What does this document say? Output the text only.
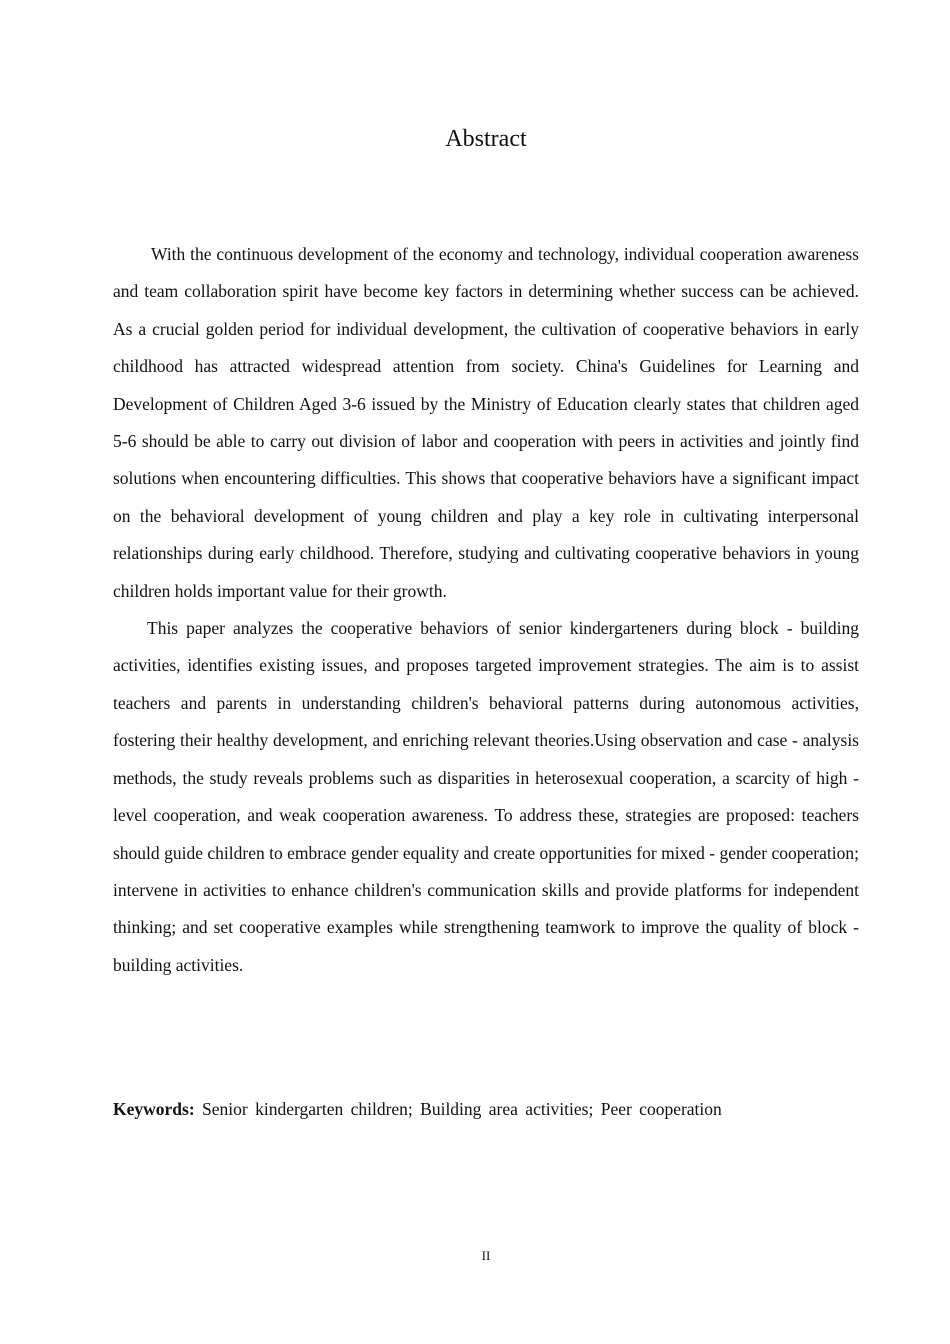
Abstract

With the continuous development of the economy and technology, individual cooperation awareness and team collaboration spirit have become key factors in determining whether success can be achieved. As a crucial golden period for individual development, the cultivation of cooperative behaviors in early childhood has attracted widespread attention from society. China's Guidelines for Learning and Development of Children Aged 3-6 issued by the Ministry of Education clearly states that children aged 5-6 should be able to carry out division of labor and cooperation with peers in activities and jointly find solutions when encountering difficulties. This shows that cooperative behaviors have a significant impact on the behavioral development of young children and play a key role in cultivating interpersonal relationships during early childhood. Therefore, studying and cultivating cooperative behaviors in young children holds important value for their growth.

This paper analyzes the cooperative behaviors of senior kindergarteners during block - building activities, identifies existing issues, and proposes targeted improvement strategies. The aim is to assist teachers and parents in understanding children's behavioral patterns during autonomous activities, fostering their healthy development, and enriching relevant theories.Using observation and case - analysis methods, the study reveals problems such as disparities in heterosexual cooperation, a scarcity of high - level cooperation, and weak cooperation awareness. To address these, strategies are proposed: teachers should guide children to embrace gender equality and create opportunities for mixed - gender cooperation; intervene in activities to enhance children's communication skills and provide platforms for independent thinking; and set cooperative examples while strengthening teamwork to improve the quality of block - building activities.

Keywords: Senior kindergarten children; Building area activities; Peer cooperation
II
